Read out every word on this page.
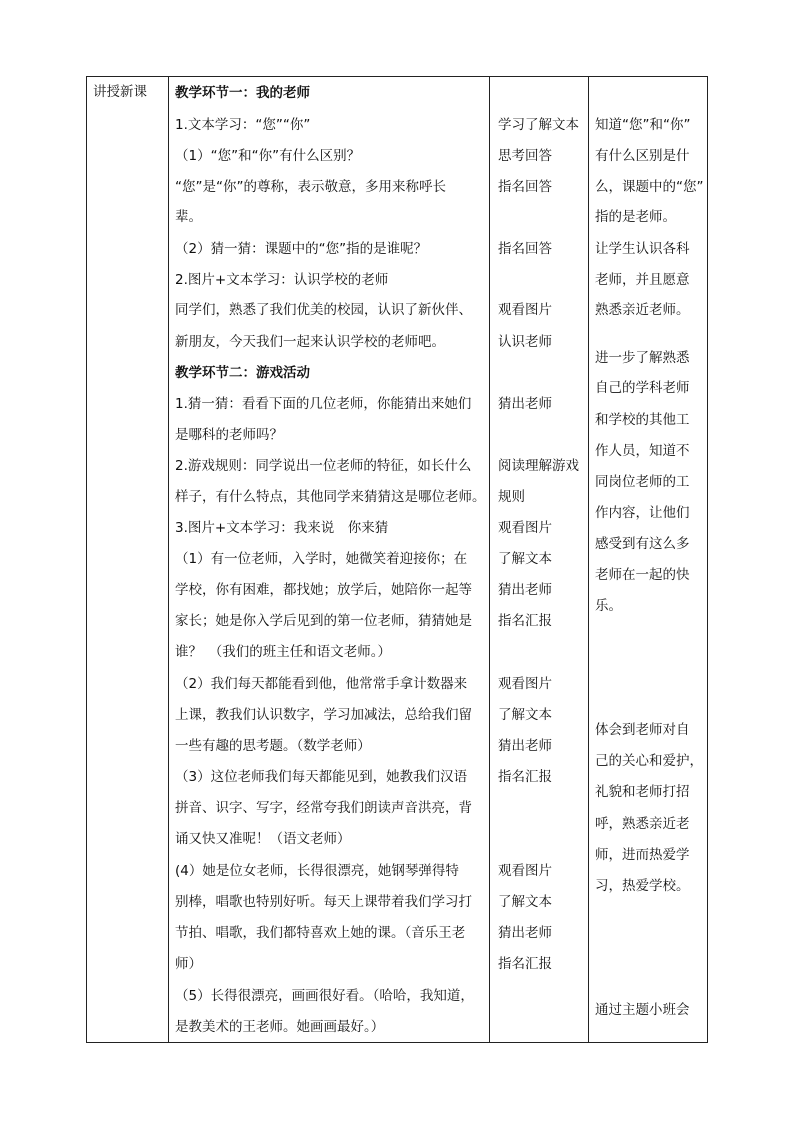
讲授新课 教学环节一：我的老师
1.文本学习：“您”“你”
（1）“您”和“你”有什么区别？
“您”是“你”的尊称，表示敬意，多用来称呼长
辈。
（2）猜一猜：课题中的“您”指的是谁呢？
2.图片+文本学习：认识学校的老师
同学们，熟悉了我们优美的校园，认识了新伙伴、
新朋友，今天我们一起来认识学校的老师吧。
教学环节二：游戏活动
1.猜一猜：看看下面的几位老师，你能猜出来她们
是哪科的老师吗？
2.游戏规则：同学说出一位老师的特征，如长什么
样子，有什么特点，其他同学来猜猜这是哪位老师。
3.图片+文本学习：我来说　你来猜
（1）有一位老师，入学时，她微笑着迎接你；在
学校，你有困难，都找她；放学后，她陪你一起等
家长；她是你入学后见到的第一位老师，猜猜她是
谁？　（我们的班主任和语文老师。）
（2）我们每天都能看到他，他常常手拿计数器来
上课，教我们认识数字，学习加减法，总给我们留
一些有趣的思考题。（数学老师）
（3）这位老师我们每天都能见到，她教我们汉语
拼音、识字、写字，经常夸我们朗读声音洪亮，背
诵又快又准呢！（语文老师）
(4）她是位女老师，长得很漂亮，她钢琴弹得特
别棒，唱歌也特别好听。每天上课带着我们学习打
节拍、唱歌，我们都特喜欢上她的课。（音乐王老
师）
（5）长得很漂亮，画画很好看。（哈哈，我知道，
是教美术的王老师。她画画最好。）
学习了解文本
思考回答
指名回答
指名回答
观看图片
认识老师
猜出老师
阅读理解游戏
规则
观看图片
了解文本
猜出老师
指名汇报
观看图片
了解文本
猜出老师
指名汇报
观看图片
了解文本
猜出老师
指名汇报
知道“您”和“你”
有什么区别是什
么，课题中的“您”
指的是老师。
让学生认识各科
老师，并且愿意
熟悉亲近老师。
进一步了解熟悉
自己的学科老师
和学校的其他工
作人员，知道不
同岗位老师的工
作内容，让他们
感受到有这么多
老师在一起的快
乐。
体会到老师对自
己的关心和爱护，
礼貌和老师打招
呼，熟悉亲近老
师，进而热爱学
习，热爱学校。
通过主题小班会
